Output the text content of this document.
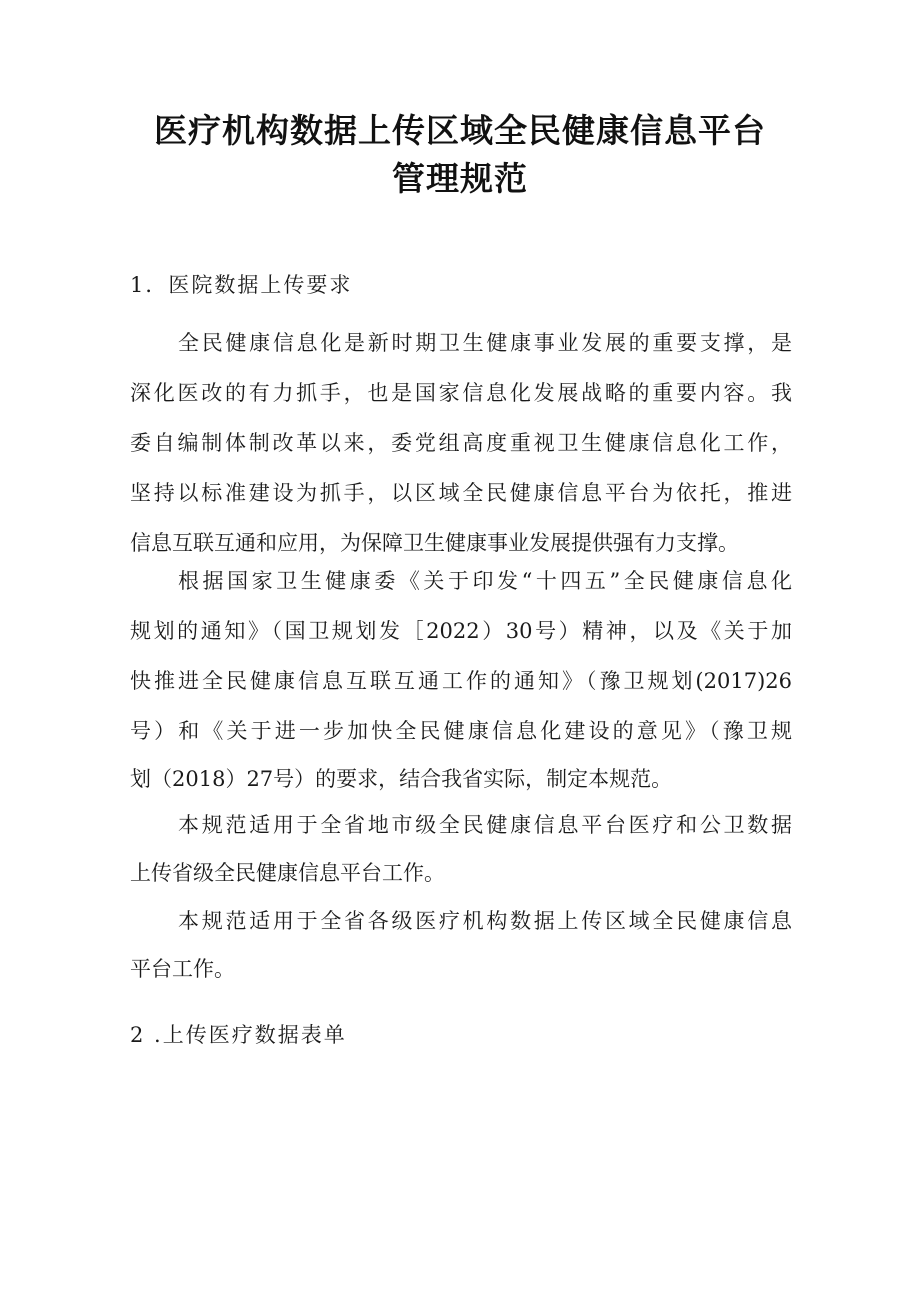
医疗机构数据上传区域全民健康信息平台
管理规范
1．医院数据上传要求
全民健康信息化是新时期卫生健康事业发展的重要支撑，是
深化医改的有力抓手，也是国家信息化发展战略的重要内容。我
委自编制体制改革以来，委党组高度重视卫生健康信息化工作，
坚持以标准建设为抓手，以区域全民健康信息平台为依托，推进
信息互联互通和应用，为保障卫生健康事业发展提供强有力支撑。
根据国家卫生健康委《关于印发“十四五”全民健康信息化
规划的通知》（国卫规划发［2022）30号）精神，以及《关于加
快推进全民健康信息互联互通工作的通知》（豫卫规划(2017)26
号）和《关于进一步加快全民健康信息化建设的意见》（豫卫规
划（2018）27号）的要求，结合我省实际，制定本规范。
本规范适用于全省地市级全民健康信息平台医疗和公卫数据
上传省级全民健康信息平台工作。
本规范适用于全省各级医疗机构数据上传区域全民健康信息
平台工作。
2 .上传医疗数据表单
